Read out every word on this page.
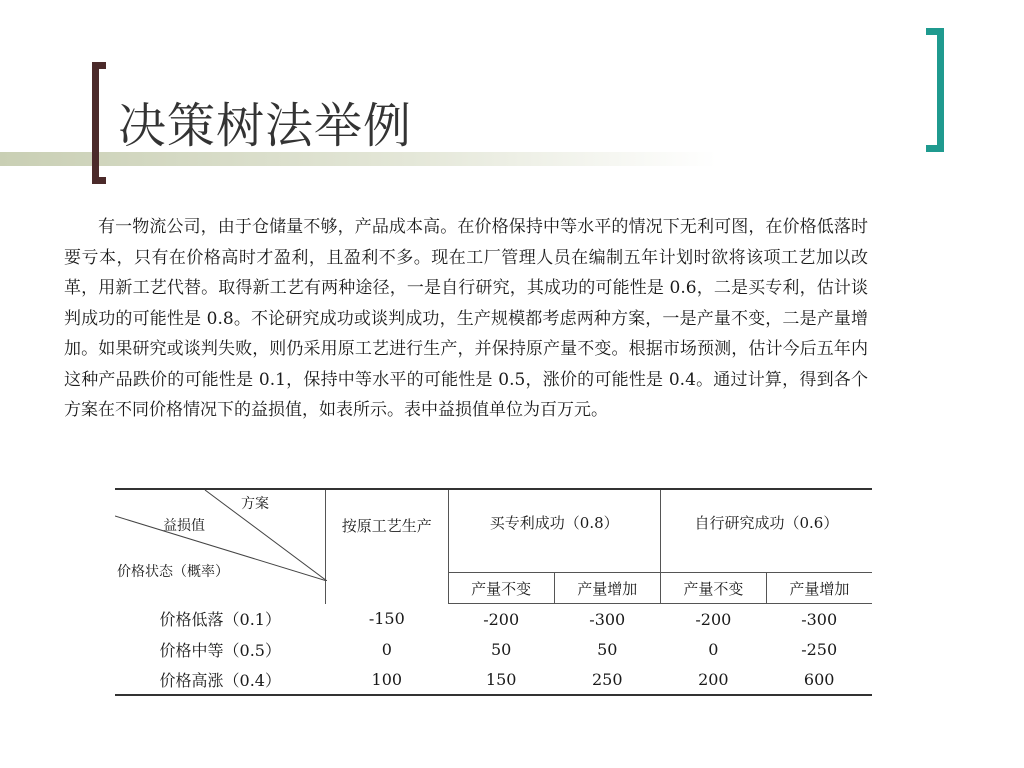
决策树法举例

有一物流公司，由于仓储量不够，产品成本高。在价格保持中等水平的情况下无利可图，在价格低落时要亏本，只有在价格高时才盈利，且盈利不多。现在工厂管理人员在编制五年计划时欲将该项工艺加以改革，用新工艺代替。取得新工艺有两种途径，一是自行研究，其成功的可能性是 0.6，二是买专利，估计谈判成功的可能性是 0.8。不论研究成功或谈判成功，生产规模都考虑两种方案，一是产量不变，二是产量增加。如果研究或谈判失败，则仍采用原工艺进行生产，并保持原产量不变。根据市场预测，估计今后五年内这种产品跌价的可能性是 0.1，保持中等水平的可能性是 0.5，涨价的可能性是 0.4。通过计算，得到各个方案在不同价格情况下的益损值，如表所示。表中益损值单位为百万元。

方案
益损值
价格状态（概率）	按原工艺生产	买专利成功（0.8）		自行研究成功（0.6）	
		产量不变	产量增加	产量不变	产量增加
价格低落（0.1）	-150	-200	-300	-200	-300
价格中等（0.5）	0	50	50	0	-250
价格高涨（0.4）	100	150	250	200	600
